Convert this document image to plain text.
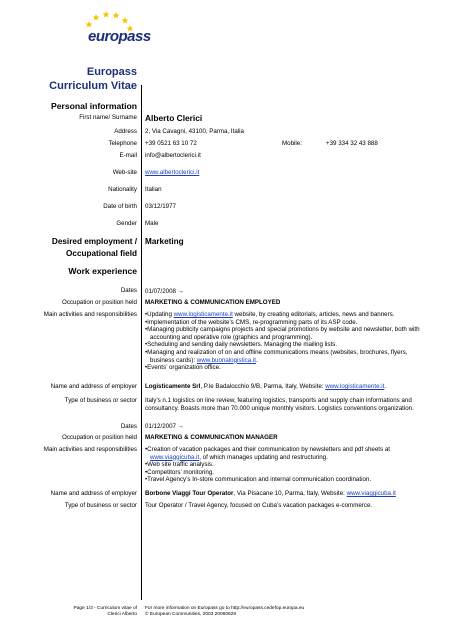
europass
Europass
Curriculum Vitae
Personal information
First name/ Surname Alberto Clerici
Address 2, Via Cavagni, 43100, Parma, Italia
Telephone +39 0521 63 10 72	Mobile:	+39 334 32 43 888
E-mail info@albertoclerici.it
Web-site www.albertoclerici.it
Nationality Italian
Date of birth 03/12/1977
Gender Male
Desired employment /
Occupational field
Marketing
Work experience
Dates 01/07/2008 →
Occupation or position held MARKETING & COMMUNICATION EMPLOYED
Main activities and responsibilities	• Updating www.logisticamente.it website, by creating editorials, articles, news and banners.
• Implementation of the website’s CMS, re-programming parts of its ASP code.
• Managing publicity campaigns projects and special promotions by website and newsletter, both with accounting and operative role (graphics and programming).
• Scheduling and sending daily newsletters. Managing the mailing lists.
• Managing and realization of on and offline communications means (websites, brochures, flyers, business cards): www.buonalogistica.it.
• Events’ organization office.
Name and address of employer Logisticamente Srl, P.le Badalocchio 9/B, Parma, Italy, Website: www.logisticamente.it.
Type of business or sector Italy’s n.1 logistics on line review, featuring logistics, transports and supply chain informations and consultancy. Boasts more than 70.000 unique monthly visitors. Logistics conventions organization.
Dates 01/12/2007 →
Occupation or position held MARKETING & COMMUNICATION MANAGER
Main activities and responsibilities	• Creation of vacation packages and their communication by newsletters and pdf sheets at www.viaggicuba.it, of which manages updating and restructuring.
• Web site traffic analysis.
• Competitors’ monitoring.
• Travel Agency’s In-store communication and internal communication coordination.
Name and address of employer Borbone Viaggi Tour Operator, Via Pisacane 10, Parma, Italy, Website: www.viaggicuba.it
Type of business or sector Tour Operator / Travel Agency, focused on Cuba’s vacation packages e-commerce.
Page 1/3 - Curriculum vitae of
Clerici Alberto
For more information on Europass go to http://europass.cedefop.europa.eu
© European Communities, 2003 20060628
